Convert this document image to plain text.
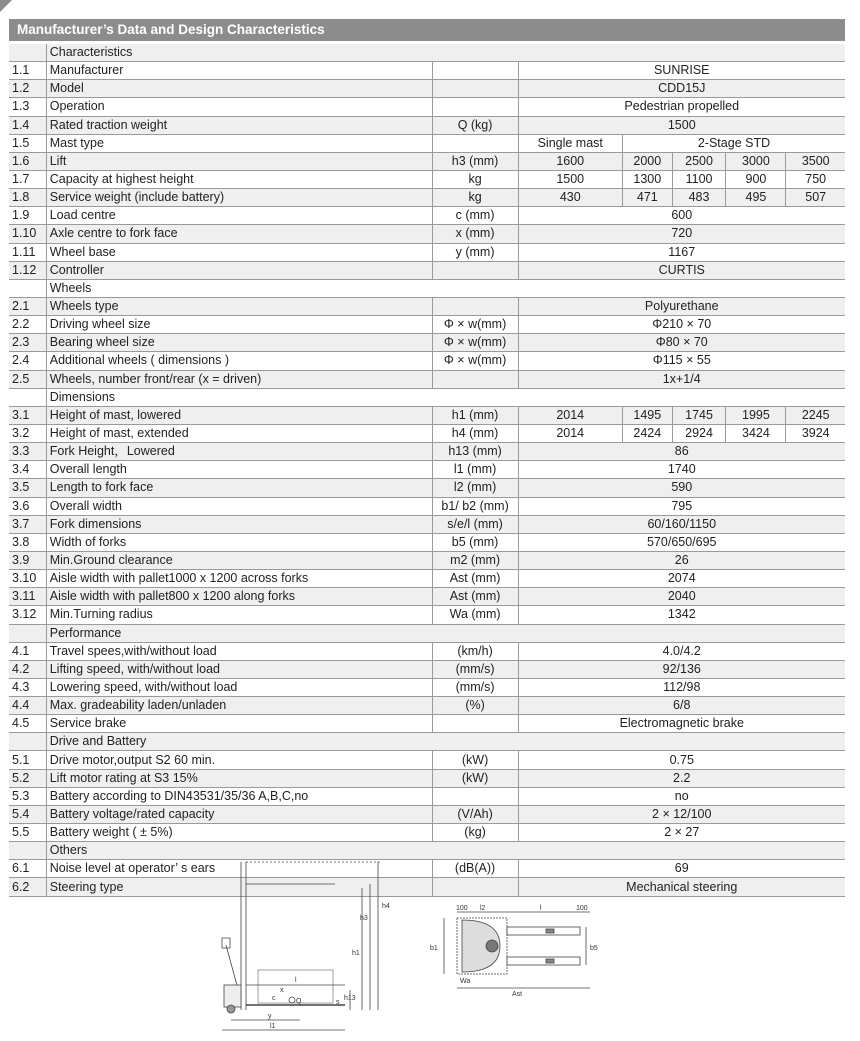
Manufacturer’s Data and Design Characteristics
	Characteristics						
1.1	Manufacturer		SUNRISE				
1.2	Model		CDD15J				
1.3	Operation		Pedestrian propelled				
1.4	Rated traction weight	Q (kg)	1500				
1.5	Mast type		Single mast	2-Stage STD			
1.6	Lift	h3 (mm)	1600	2000	2500	3000	3500
1.7	Capacity at highest height	kg	1500	1300	1100	900	750
1.8	Service weight (include battery)	kg	430	471	483	495	507
1.9	Load centre	c (mm)	600				
1.10	Axle centre to fork face	x (mm)	720				
1.11	Wheel base	y (mm)	1167				
1.12	Controller		CURTIS				
	Wheels						
2.1	Wheels type		Polyurethane				
2.2	Driving wheel size	Φ × w(mm)	Φ210 × 70				
2.3	Bearing wheel size	Φ × w(mm)	Φ80 × 70				
2.4	Additional wheels ( dimensions )	Φ × w(mm)	Φ115 × 55				
2.5	Wheels, number front/rear (x = driven)		1x+1/4				
	Dimensions						
3.1	Height of mast, lowered	h1 (mm)	2014	1495	1745	1995	2245
3.2	Height of mast, extended	h4 (mm)	2014	2424	2924	3424	3924
3.3	Fork Height，Lowered	h13 (mm)	86				
3.4	Overall length	l1 (mm)	1740				
3.5	Length to fork face	l2 (mm)	590				
3.6	Overall width	b1/ b2 (mm)	795				
3.7	Fork dimensions	s/e/l (mm)	60/160/1150				
3.8	Width of forks	b5 (mm)	570/650/695				
3.9	Min.Ground clearance	m2 (mm)	26				
3.10	Aisle width with pallet1000 x 1200 across forks	Ast (mm)	2074				
3.11	Aisle width with pallet800 x 1200 along forks	Ast (mm)	2040				
3.12	Min.Turning radius	Wa (mm)	1342				
	Performance						
4.1	Travel spees,with/without load	(km/h)	4.0/4.2				
4.2	Lifting speed, with/without load	(mm/s)	92/136				
4.3	Lowering speed, with/without load	(mm/s)	112/98				
4.4	Max. gradeability laden/unladen	(%)	6/8				
4.5	Service brake		Electromagnetic brake				
	Drive and Battery						
5.1	Drive motor,output S2 60 min.	(kW)	0.75				
5.2	Lift motor rating at S3 15%	(kW)	2.2				
5.3	Battery according to DIN43531/35/36 A,B,C,no		no				
5.4	Battery voltage/rated capacity	(V/Ah)	2 × 12/100				
5.5	Battery weight ( ± 5%)	(kg)	2 × 27				
	Others						
6.1	Noise level at operator’ s ears	(dB(A))	69				
6.2	Steering type		Mechanical steering				
h4
h3
h1
h13
s
c
x
Q
l
y
l1
100 l2	l	100
b1	b5
Wa
Ast
